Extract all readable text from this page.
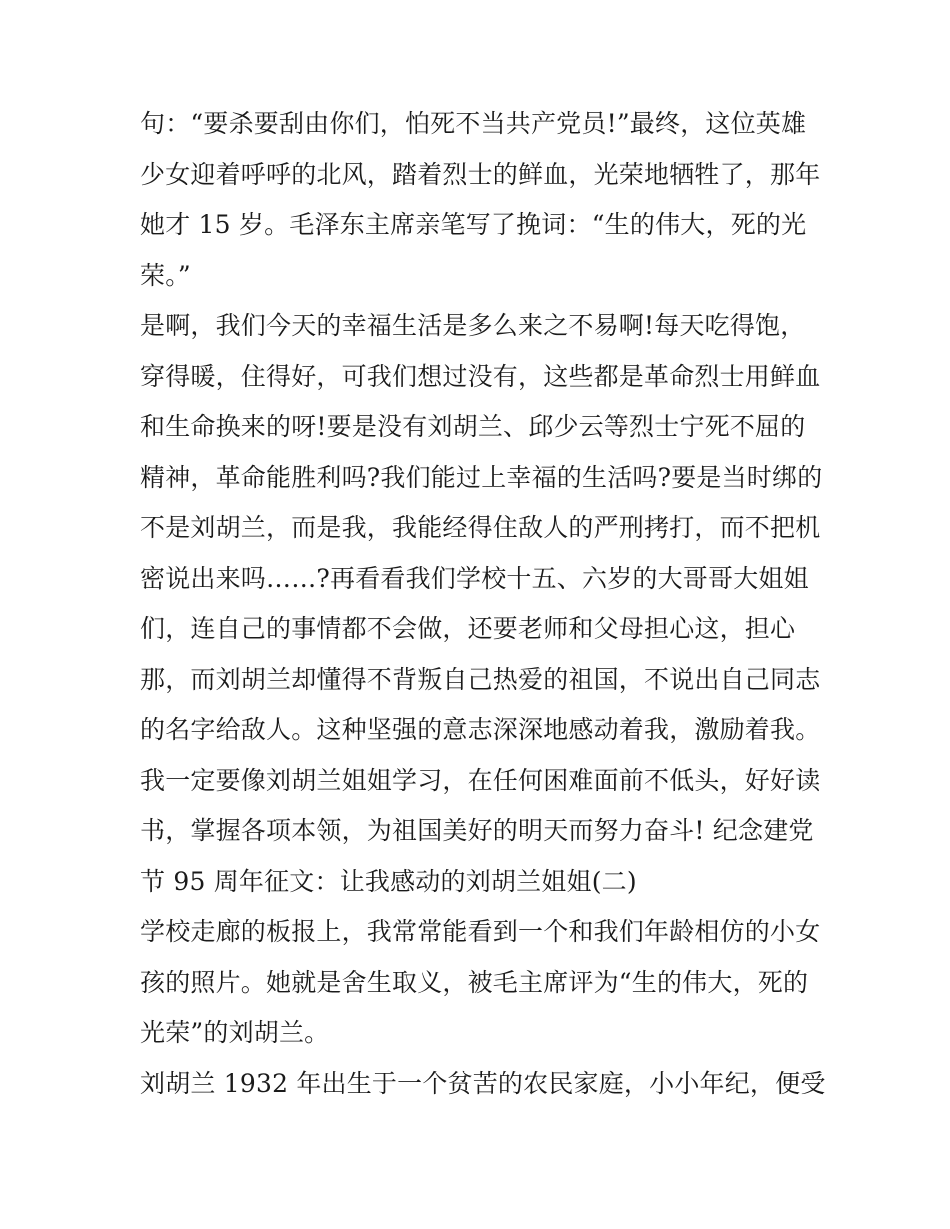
句：“要杀要刮由你们，怕死不当共产党员!”最终，这位英雄
少女迎着呼呼的北风，踏着烈士的鲜血，光荣地牺牲了，那年
她才 15 岁。毛泽东主席亲笔写了挽词：“生的伟大，死的光
荣。”
是啊，我们今天的幸福生活是多么来之不易啊!每天吃得饱，
穿得暖，住得好，可我们想过没有，这些都是革命烈士用鲜血
和生命换来的呀!要是没有刘胡兰、邱少云等烈士宁死不屈的
精神，革命能胜利吗?我们能过上幸福的生活吗?要是当时绑的
不是刘胡兰，而是我，我能经得住敌人的严刑拷打，而不把机
密说出来吗……?再看看我们学校十五、六岁的大哥哥大姐姐
们，连自己的事情都不会做，还要老师和父母担心这，担心
那，而刘胡兰却懂得不背叛自己热爱的祖国，不说出自己同志
的名字给敌人。这种坚强的意志深深地感动着我，激励着我。
我一定要像刘胡兰姐姐学习，在任何困难面前不低头，好好读
书，掌握各项本领，为祖国美好的明天而努力奋斗! 纪念建党
节 95 周年征文：让我感动的刘胡兰姐姐(二)
学校走廊的板报上，我常常能看到一个和我们年龄相仿的小女
孩的照片。她就是舍生取义，被毛主席评为“生的伟大，死的
光荣”的刘胡兰。
刘胡兰 1932 年出生于一个贫苦的农民家庭，小小年纪，便受
